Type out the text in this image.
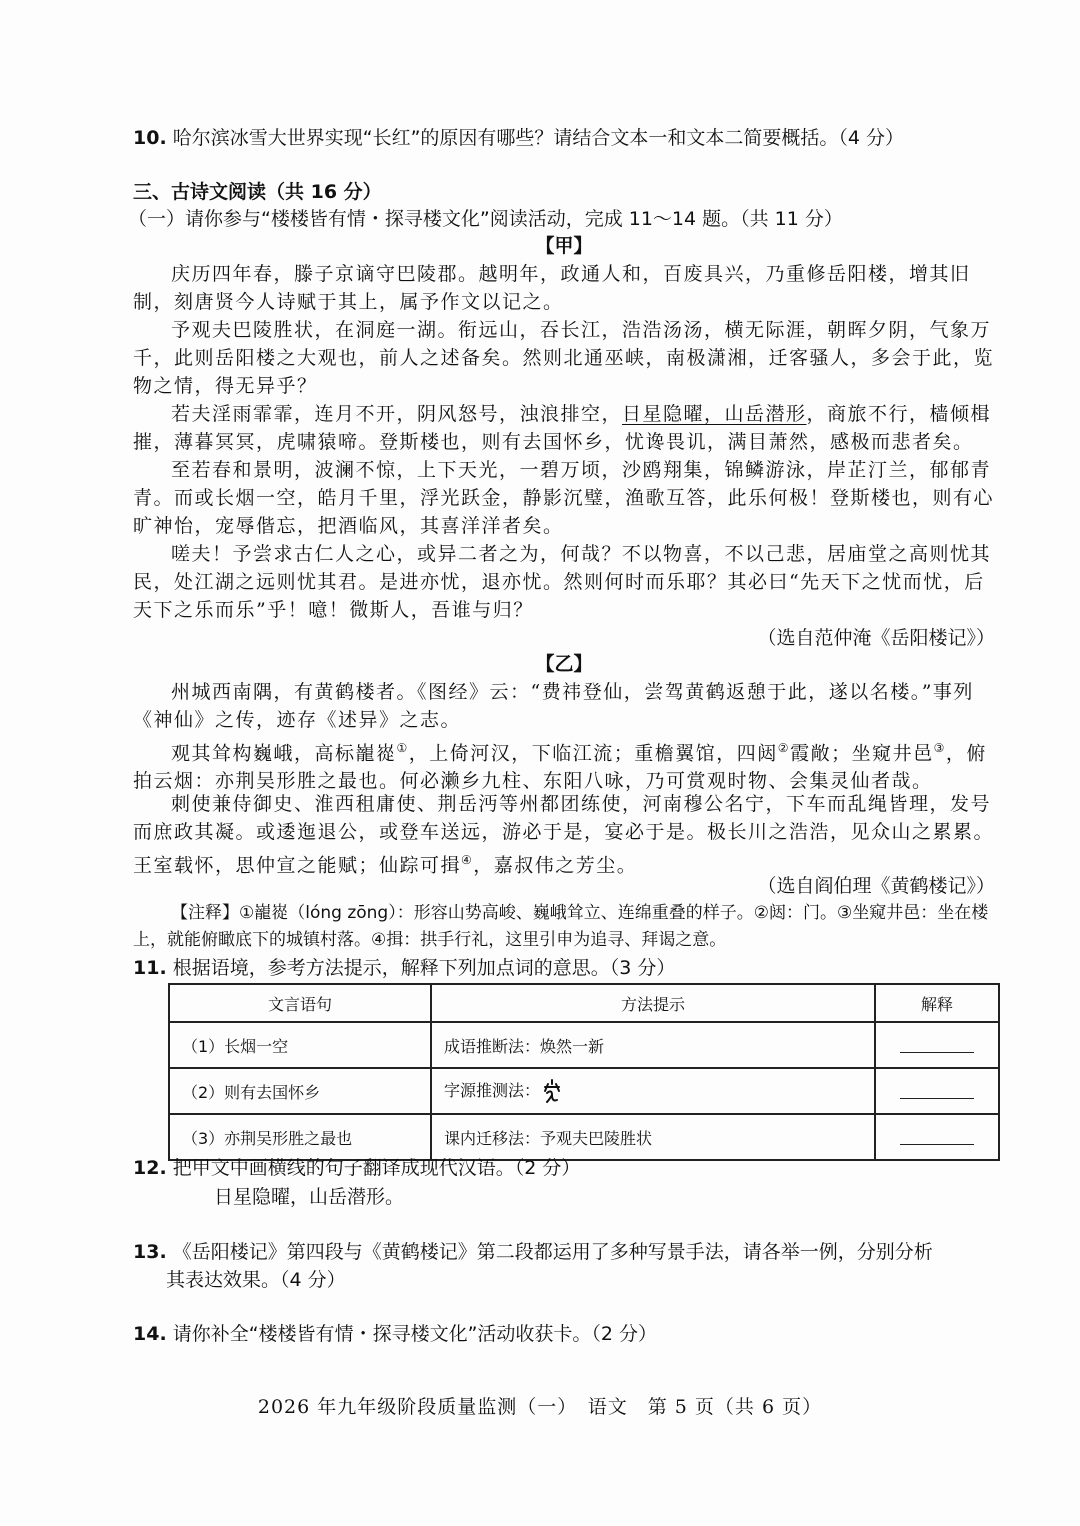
10. 哈尔滨冰雪大世界实现“长红”的原因有哪些？请结合文本一和文本二简要概括。（4 分）
三、古诗文阅读（共 16 分）
（一）请你参与“楼楼皆有情・探寻楼文化”阅读活动，完成 11～14 题。（共 11 分）
【甲】
庆历四年春，滕子京谪守巴陵郡。越明年，政通人和，百废具兴，乃重修岳阳楼，增其旧制，刻唐贤今人诗赋于其上，属予作文以记之。
予观夫巴陵胜状，在洞庭一湖。衔远山，吞长江，浩浩汤汤，横无际涯，朝晖夕阴，气象万千，此则岳阳楼之大观也，前人之述备矣。然则北通巫峡，南极潇湘，迁客骚人，多会于此，览物之情，得无异乎？
若夫淫雨霏霏，连月不开，阴风怒号，浊浪排空，日星隐曜，山岳潜形，商旅不行，樯倾楫摧，薄暮冥冥，虎啸猿啼。登斯楼也，则有去国怀乡，忧谗畏讥，满目萧然，感极而悲者矣。
至若春和景明，波澜不惊，上下天光，一碧万顷，沙鸥翔集，锦鳞游泳，岸芷汀兰，郁郁青青。而或长烟一空，皓月千里，浮光跃金，静影沉璧，渔歌互答，此乐何极！登斯楼也，则有心旷神怡，宠辱偕忘，把酒临风，其喜洋洋者矣。
嗟夫！予尝求古仁人之心，或异二者之为，何哉？不以物喜，不以己悲，居庙堂之高则忧其民，处江湖之远则忧其君。是进亦忧，退亦忧。然则何时而乐耶？其必曰“先天下之忧而忧，后天下之乐而乐”乎！噫！微斯人，吾谁与归？
（选自范仲淹《岳阳楼记》）
【乙】
州城西南隅，有黄鹤楼者。《图经》云：“费祎登仙，尝驾黄鹤返憩于此，遂以名楼。”事列《神仙》之传，迹存《述异》之志。
观其耸构巍峨，高标巃嵸①，上倚河汉，下临江流；重檐翼馆，四闼②霞敞；坐窥井邑③，俯拍云烟：亦荆吴形胜之最也。何必濑乡九柱、东阳八咏，乃可赏观时物、会集灵仙者哉。
刺使兼侍御史、淮西租庸使、荆岳沔等州都团练使，河南穆公名宁，下车而乱绳皆理，发号而庶政其凝。或逶迤退公，或登车送远，游必于是，宴必于是。极长川之浩浩，见众山之累累。王室载怀，思仲宣之能赋；仙踪可揖④，嘉叔伟之芳尘。
（选自阎伯理《黄鹤楼记》）
【注释】①巃嵸（lóng zōng）：形容山势高峻、巍峨耸立、连绵重叠的样子。②闼：门。③坐窥井邑：坐在楼上，就能俯瞰底下的城镇村落。④揖：拱手行礼，这里引申为追寻、拜谒之意。
11. 根据语境，参考方法提示，解释下列加点词的意思。（3 分）
文言语句	方法提示	解释
（1）长烟一空	成语推断法：焕然一新	
（2）则有去国怀乡	字源推测法：	
（3）亦荆吴形胜之最也	课内迁移法：予观夫巴陵胜状	
12. 把甲文中画横线的句子翻译成现代汉语。（2 分）
日星隐曜，山岳潜形。
13. 《岳阳楼记》第四段与《黄鹤楼记》第二段都运用了多种写景手法，请各举一例，分别分析
其表达效果。（4 分）
14. 请你补全“楼楼皆有情・探寻楼文化”活动收获卡。（2 分）
2026 年九年级阶段质量监测（一）　语文　第 5 页（共 6 页）
